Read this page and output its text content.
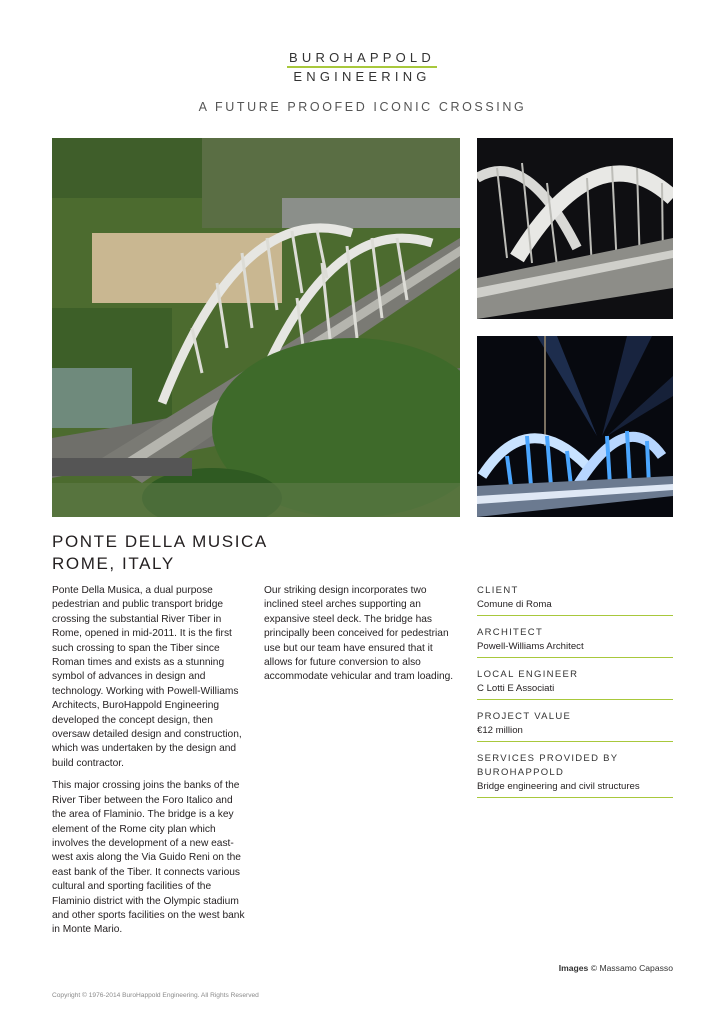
BUROHAPPOLD
ENGINEERING
A FUTURE PROOFED ICONIC CROSSING
PONTE DELLA MUSICA
ROME, ITALY

Ponte Della Musica, a dual purpose pedestrian and public transport bridge crossing the substantial River Tiber in Rome, opened in mid-2011. It is the first such crossing to span the Tiber since Roman times and exists as a stunning symbol of advances in design and technology. Working with Powell-Williams Architects, BuroHappold Engineering developed the concept design, then oversaw detailed design and construction, which was undertaken by the design and build contractor.

This major crossing joins the banks of the River Tiber between the Foro Italico and the area of Flaminio. The bridge is a key element of the Rome city plan which involves the development of a new east-west axis along the Via Guido Reni on the east bank of the Tiber. It connects various cultural and sporting facilities of the Flaminio district with the Olympic stadium and other sports facilities on the west bank in Monte Mario.

Our striking design incorporates two inclined steel arches supporting an expansive steel deck. The bridge has principally been conceived for pedestrian use but our team have ensured that it allows for future conversion to also accommodate vehicular and tram loading.

CLIENT
Comune di Roma
ARCHITECT
Powell-Williams Architect
LOCAL ENGINEER
C Lotti E Associati
PROJECT VALUE
€12 million
SERVICES PROVIDED BY BUROHAPPOLD
Bridge engineering and civil structures
Images © Massamo Capasso
Copyright © 1976-2014 BuroHappold Engineering. All Rights Reserved
